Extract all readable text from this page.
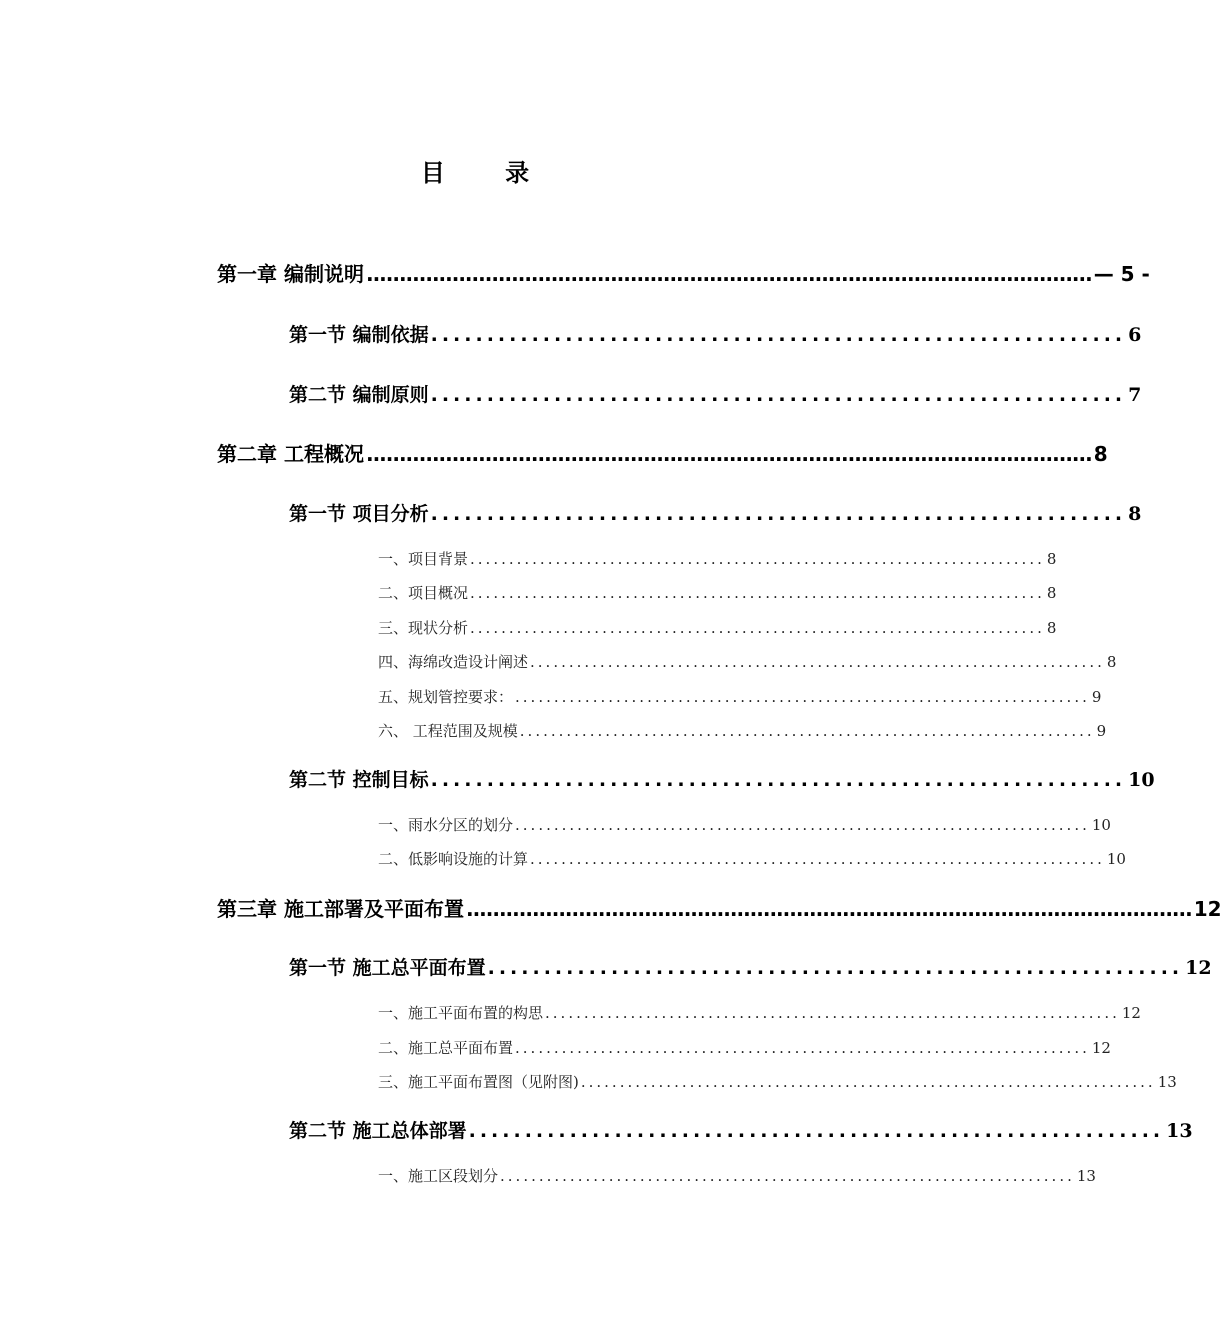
目 录
第一章 编制说明 .............................................................................................................. — 5 -
第一节 编制依据 .............................................................. 6
第二节 编制原则 .............................................................. 7
第二章 工程概况 .............................................................................................................. 8
第一节 项目分析 .............................................................. 8
一、项目背景 .......................................................................... 8
二、项目概况 .......................................................................... 8
三、现状分析 .......................................................................... 8
四、海绵改造设计阐述 .......................................................................... 8
五、规划管控要求： .......................................................................... 9
六、 工程范围及规模 .......................................................................... 9
第二节 控制目标 .............................................................. 10
一、雨水分区的划分 .......................................................................... 10
二、低影响设施的计算 .......................................................................... 10
第三章 施工部署及平面布置 .............................................................................................................. 12
第一节 施工总平面布置 .............................................................. 12
一、施工平面布置的构思 .......................................................................... 12
二、施工总平面布置 .......................................................................... 12
三、施工平面布置图（见附图) .......................................................................... 13
第二节 施工总体部署 .............................................................. 13
一、施工区段划分 .......................................................................... 13
